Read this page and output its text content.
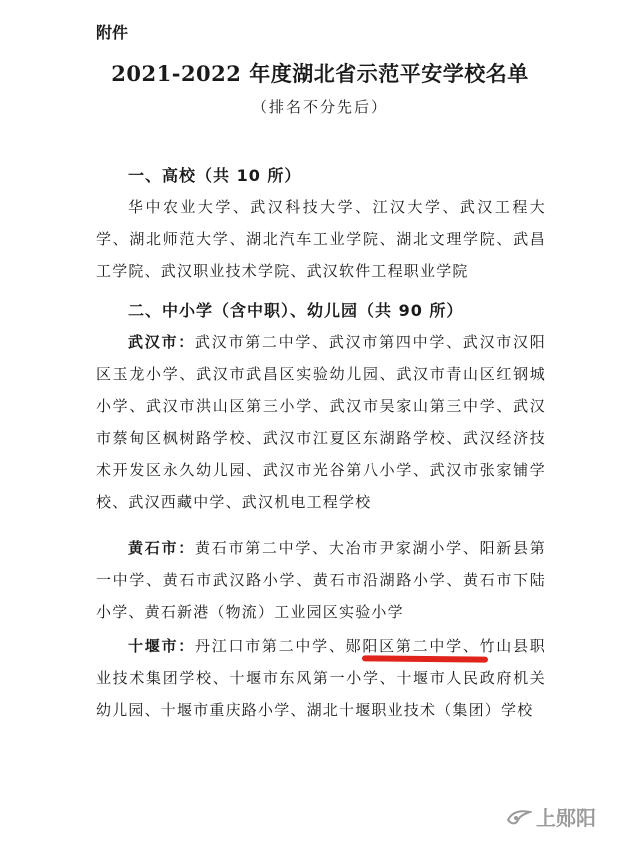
附件
2021-2022 年度湖北省示范平安学校名单
（排名不分先后）
一、高校（共 10 所）
华中农业大学、武汉科技大学、江汉大学、武汉工程大学、湖北师范大学、湖北汽车工业学院、湖北文理学院、武昌工学院、武汉职业技术学院、武汉软件工程职业学院
二、中小学（含中职）、幼儿园（共 90 所）
武汉市：武汉市第二中学、武汉市第四中学、武汉市汉阳区玉龙小学、武汉市武昌区实验幼儿园、武汉市青山区红钢城小学、武汉市洪山区第三小学、武汉市吴家山第三中学、武汉市蔡甸区枫树路学校、武汉市江夏区东湖路学校、武汉经济技术开发区永久幼儿园、武汉市光谷第八小学、武汉市张家铺学校、武汉西藏中学、武汉机电工程学校
黄石市：黄石市第二中学、大冶市尹家湖小学、阳新县第一中学、黄石市武汉路小学、黄石市沿湖路小学、黄石市下陆小学、黄石新港（物流）工业园区实验小学
十堰市：丹江口市第二中学、郧阳区第二中学、竹山县职业技术集团学校、十堰市东风第一小学、十堰市人民政府机关幼儿园、十堰市重庆路小学、湖北十堰职业技术（集团）学校
上郧阳
